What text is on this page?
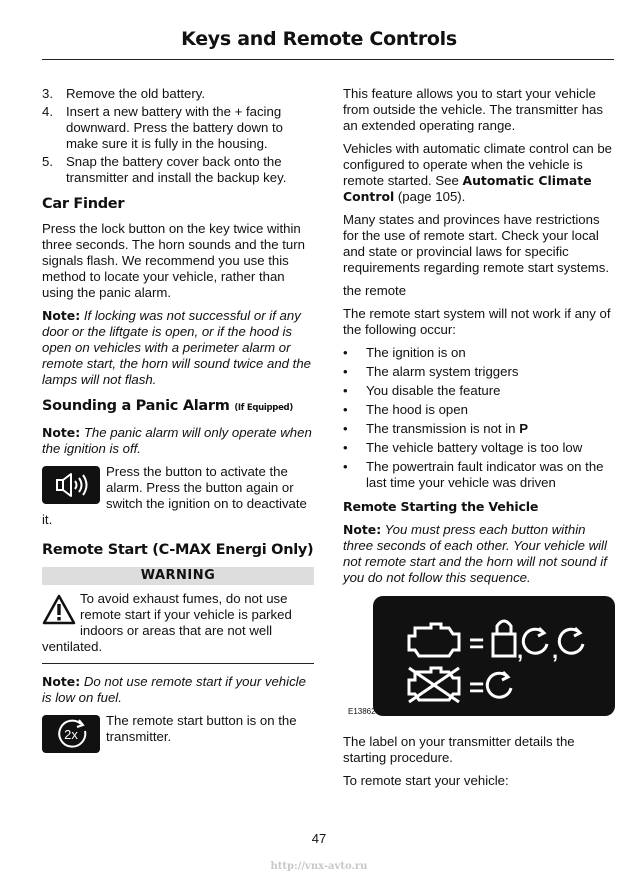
Keys and Remote Controls
3. Remove the old battery.
4. Insert a new battery with the + facing downward. Press the battery down to make sure it is fully in the housing.
5. Snap the battery cover back onto the transmitter and install the backup key.
Car Finder

Press the lock button on the key twice within three seconds. The horn sounds and the turn signals flash. We recommend you use this method to locate your vehicle, rather than using the panic alarm.

Note: If locking was not successful or if any door or the liftgate is open, or if the hood is open on vehicles with a perimeter alarm or remote start, the horn will sound twice and the lamps will not flash.

Sounding a Panic Alarm (If Equipped)

Note: The panic alarm will only operate when the ignition is off.

Press the button to activate the alarm. Press the button again or switch the ignition on to deactivate it.
Remote Start (C-MAX Energi Only)
WARNING
To avoid exhaust fumes, do not use remote start if your vehicle is parked indoors or areas that are not well ventilated.

Note: Do not use remote start if your vehicle is low on fuel.

2x
The remote start button is on the transmitter.

This feature allows you to start your vehicle from outside the vehicle. The transmitter has an extended operating range.

Vehicles with automatic climate control can be configured to operate when the vehicle is remote started. See Automatic Climate Control (page 105).

Many states and provinces have restrictions for the use of remote start. Check your local and state or provincial laws for specific requirements regarding remote start systems.

the remote

The remote start system will not work if any of the following occur:

•	The ignition is on
•	The alarm system triggers
•	You disable the feature
•	The hood is open
•	The transmission is not in P
•	The vehicle battery voltage is too low
•	The powertrain fault indicator was on the last time your vehicle was driven
Remote Starting the Vehicle

Note: You must press each button within three seconds of each other. Your vehicle will not remote start and the horn will not sound if you do not follow this sequence.

= , ,
=
E138626

The label on your transmitter details the starting procedure.

To remote start your vehicle:

47
http://vnx-avto.ru
